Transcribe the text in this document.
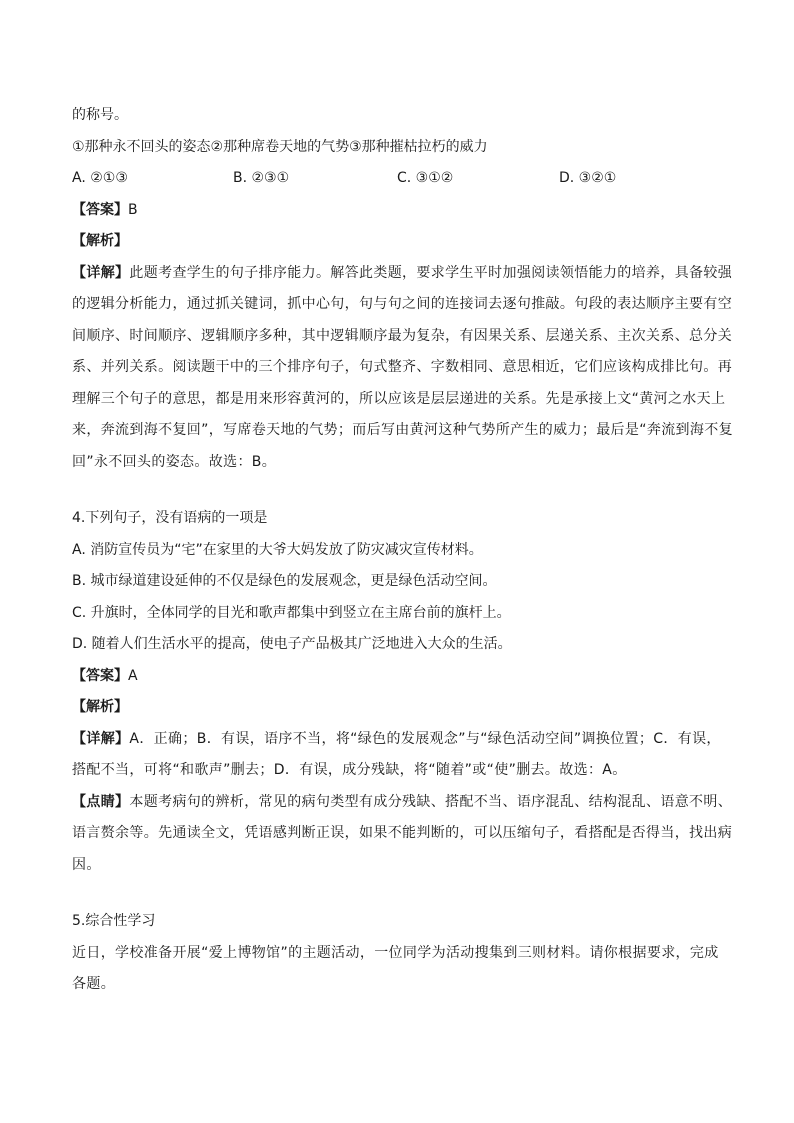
的称号。
①那种永不回头的姿态②那种席卷天地的气势③那种摧枯拉朽的威力
A. ②①③	B. ②③①	C. ③①②	D. ③②①
【答案】B
【解析】
【详解】此题考查学生的句子排序能力。解答此类题，要求学生平时加强阅读领悟能力的培养，具备较强
的逻辑分析能力，通过抓关键词，抓中心句，句与句之间的连接词去逐句推敲。句段的表达顺序主要有空
间顺序、时间顺序、逻辑顺序多种，其中逻辑顺序最为复杂，有因果关系、层递关系、主次关系、总分关
系、并列关系。阅读题干中的三个排序句子，句式整齐、字数相同、意思相近，它们应该构成排比句。再
理解三个句子的意思，都是用来形容黄河的，所以应该是层层递进的关系。先是承接上文“黄河之水天上
来，奔流到海不复回”，写席卷天地的气势；而后写由黄河这种气势所产生的威力；最后是“奔流到海不复
回”永不回头的姿态。故选：B。
4.下列句子，没有语病的一项是
A. 消防宣传员为“宅”在家里的大爷大妈发放了防灾减灾宣传材料。
B. 城市绿道建设延伸的不仅是绿色的发展观念，更是绿色活动空间。
C. 升旗时，全体同学的目光和歌声都集中到竖立在主席台前的旗杆上。
D. 随着人们生活水平的提高，使电子产品极其广泛地进入大众的生活。
【答案】A
【解析】
【详解】A．正确；B．有误，语序不当，将“绿色的发展观念”与“绿色活动空间”调换位置；C．有误，
搭配不当，可将“和歌声”删去；D．有误，成分残缺，将“随着”或“使”删去。故选：A。
【点睛】本题考病句的辨析，常见的病句类型有成分残缺、搭配不当、语序混乱、结构混乱、语意不明、
语言赘余等。先通读全文，凭语感判断正误，如果不能判断的，可以压缩句子，看搭配是否得当，找出病
因。
5.综合性学习
近日，学校准备开展“爱上博物馆”的主题活动，一位同学为活动搜集到三则材料。请你根据要求，完成
各题。
